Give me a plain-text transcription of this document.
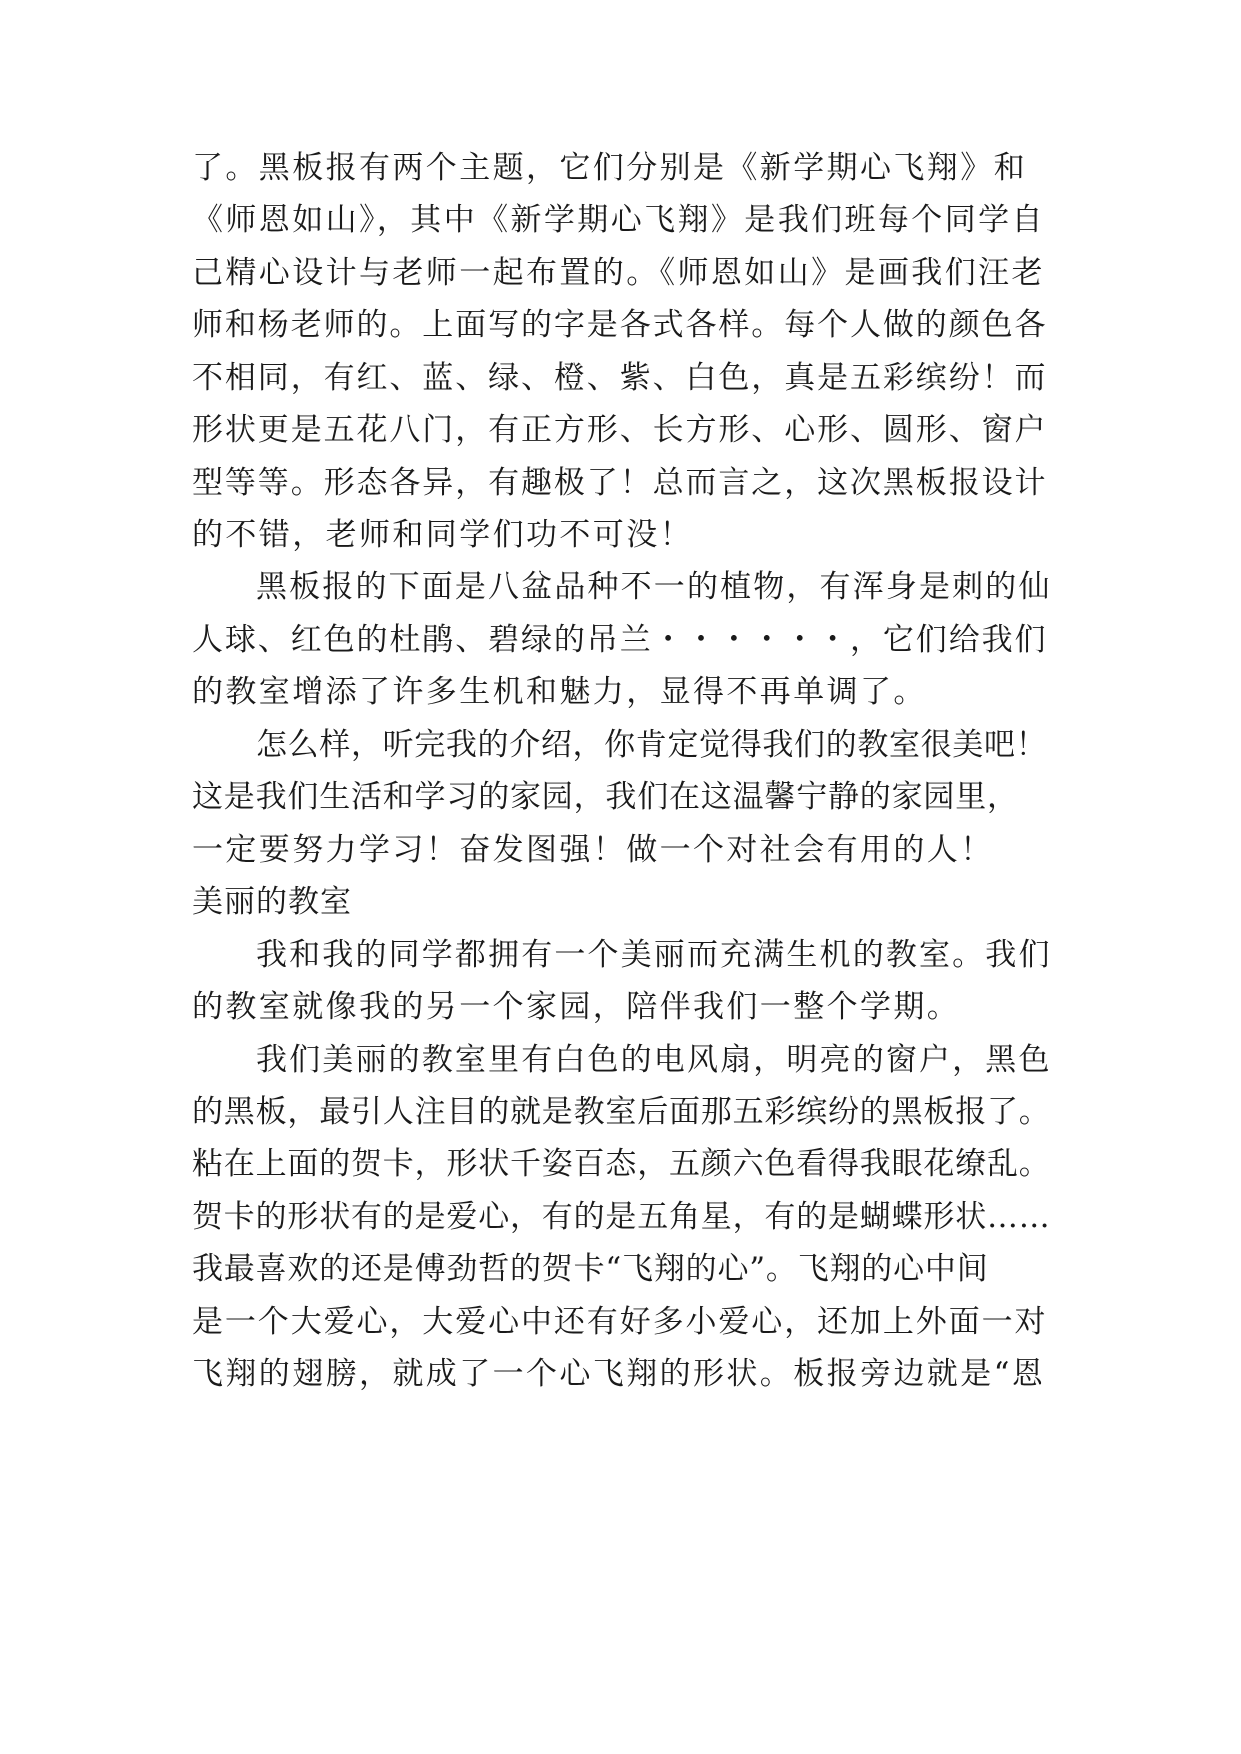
了。黑板报有两个主题，它们分别是《新学期心飞翔》和
《师恩如山》，其中《新学期心飞翔》是我们班每个同学自
己精心设计与老师一起布置的。《师恩如山》是画我们汪老
师和杨老师的。上面写的字是各式各样。每个人做的颜色各
不相同，有红、蓝、绿、橙、紫、白色，真是五彩缤纷！而
形状更是五花八门，有正方形、长方形、心形、圆形、窗户
型等等。形态各异，有趣极了！总而言之，这次黑板报设计
的不错，老师和同学们功不可没！
黑板报的下面是八盆品种不一的植物，有浑身是刺的仙
人球、红色的杜鹃、碧绿的吊兰・・・・・・，它们给我们
的教室增添了许多生机和魅力，显得不再单调了。
怎么样，听完我的介绍，你肯定觉得我们的教室很美吧！
这是我们生活和学习的家园，我们在这温馨宁静的家园里，
一定要努力学习！奋发图强！做一个对社会有用的人！
美丽的教室
我和我的同学都拥有一个美丽而充满生机的教室。我们
的教室就像我的另一个家园，陪伴我们一整个学期。
我们美丽的教室里有白色的电风扇，明亮的窗户，黑色
的黑板，最引人注目的就是教室后面那五彩缤纷的黑板报了。
粘在上面的贺卡，形状千姿百态，五颜六色看得我眼花缭乱。
贺卡的形状有的是爱心，有的是五角星，有的是蝴蝶形状……
我最喜欢的还是傅劲哲的贺卡“飞翔的心”。飞翔的心中间
是一个大爱心，大爱心中还有好多小爱心，还加上外面一对
飞翔的翅膀，就成了一个心飞翔的形状。板报旁边就是“恩
